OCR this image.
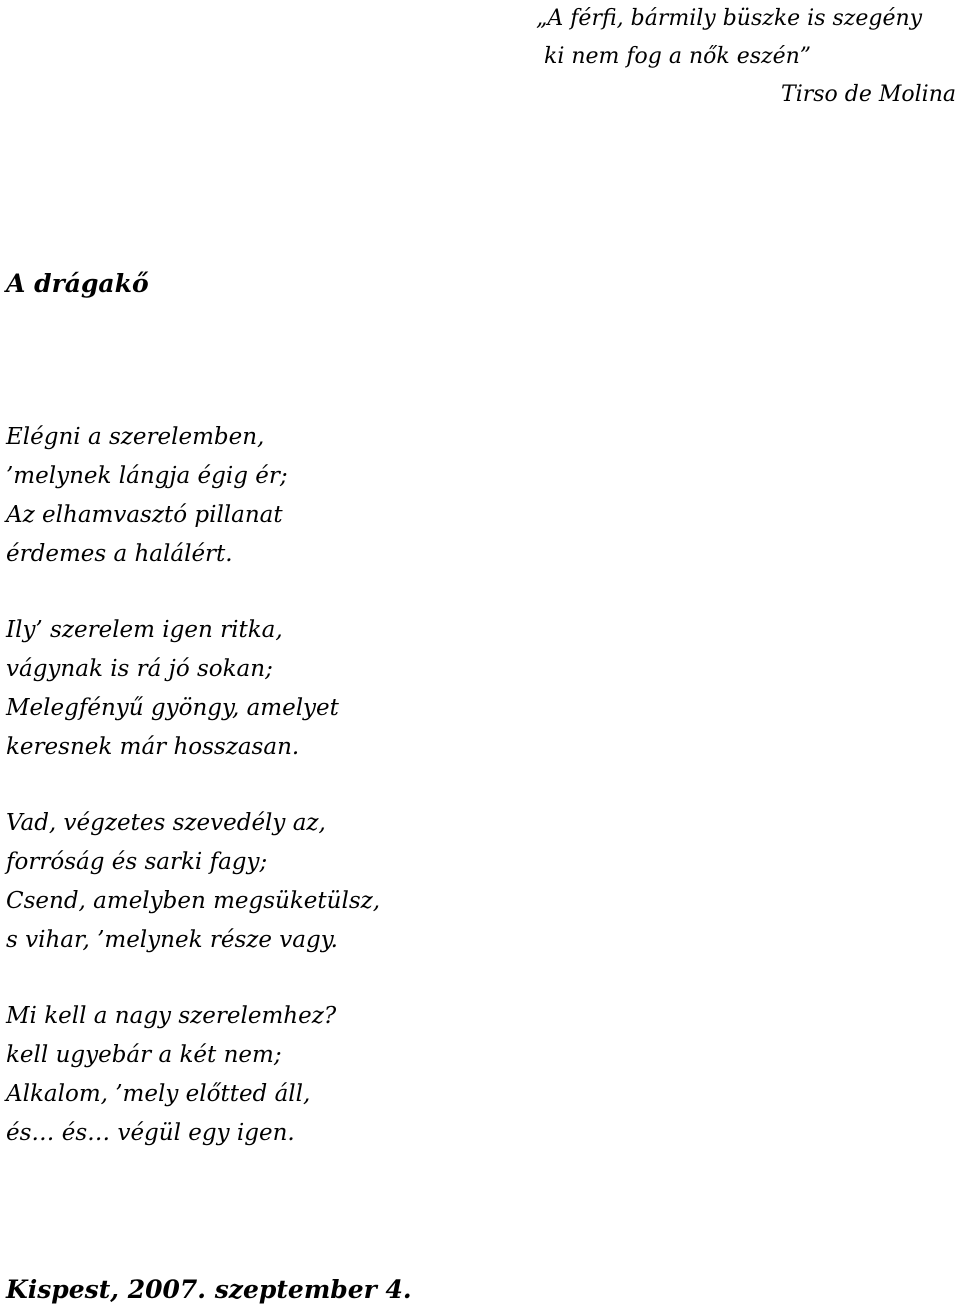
„A férfi, bármily büszke is szegény
ki nem fog a nők eszén”
Tirso de Molina
A drágakő
Elégni a szerelemben,
’melynek lángja égig ér;
Az elhamvasztó pillanat
érdemes a halálért.
Ily’ szerelem igen ritka,
vágynak is rá jó sokan;
Melegfényű gyöngy, amelyet
keresnek már hosszasan.
Vad, végzetes szevedély az,
forróság és sarki fagy;
Csend, amelyben megsüketülsz,
s vihar, ’melynek része vagy.
Mi kell a nagy szerelemhez?
kell ugyebár a két nem;
Alkalom, ’mely előtted áll,
és… és… végül egy igen.
Kispest, 2007. szeptember 4.
